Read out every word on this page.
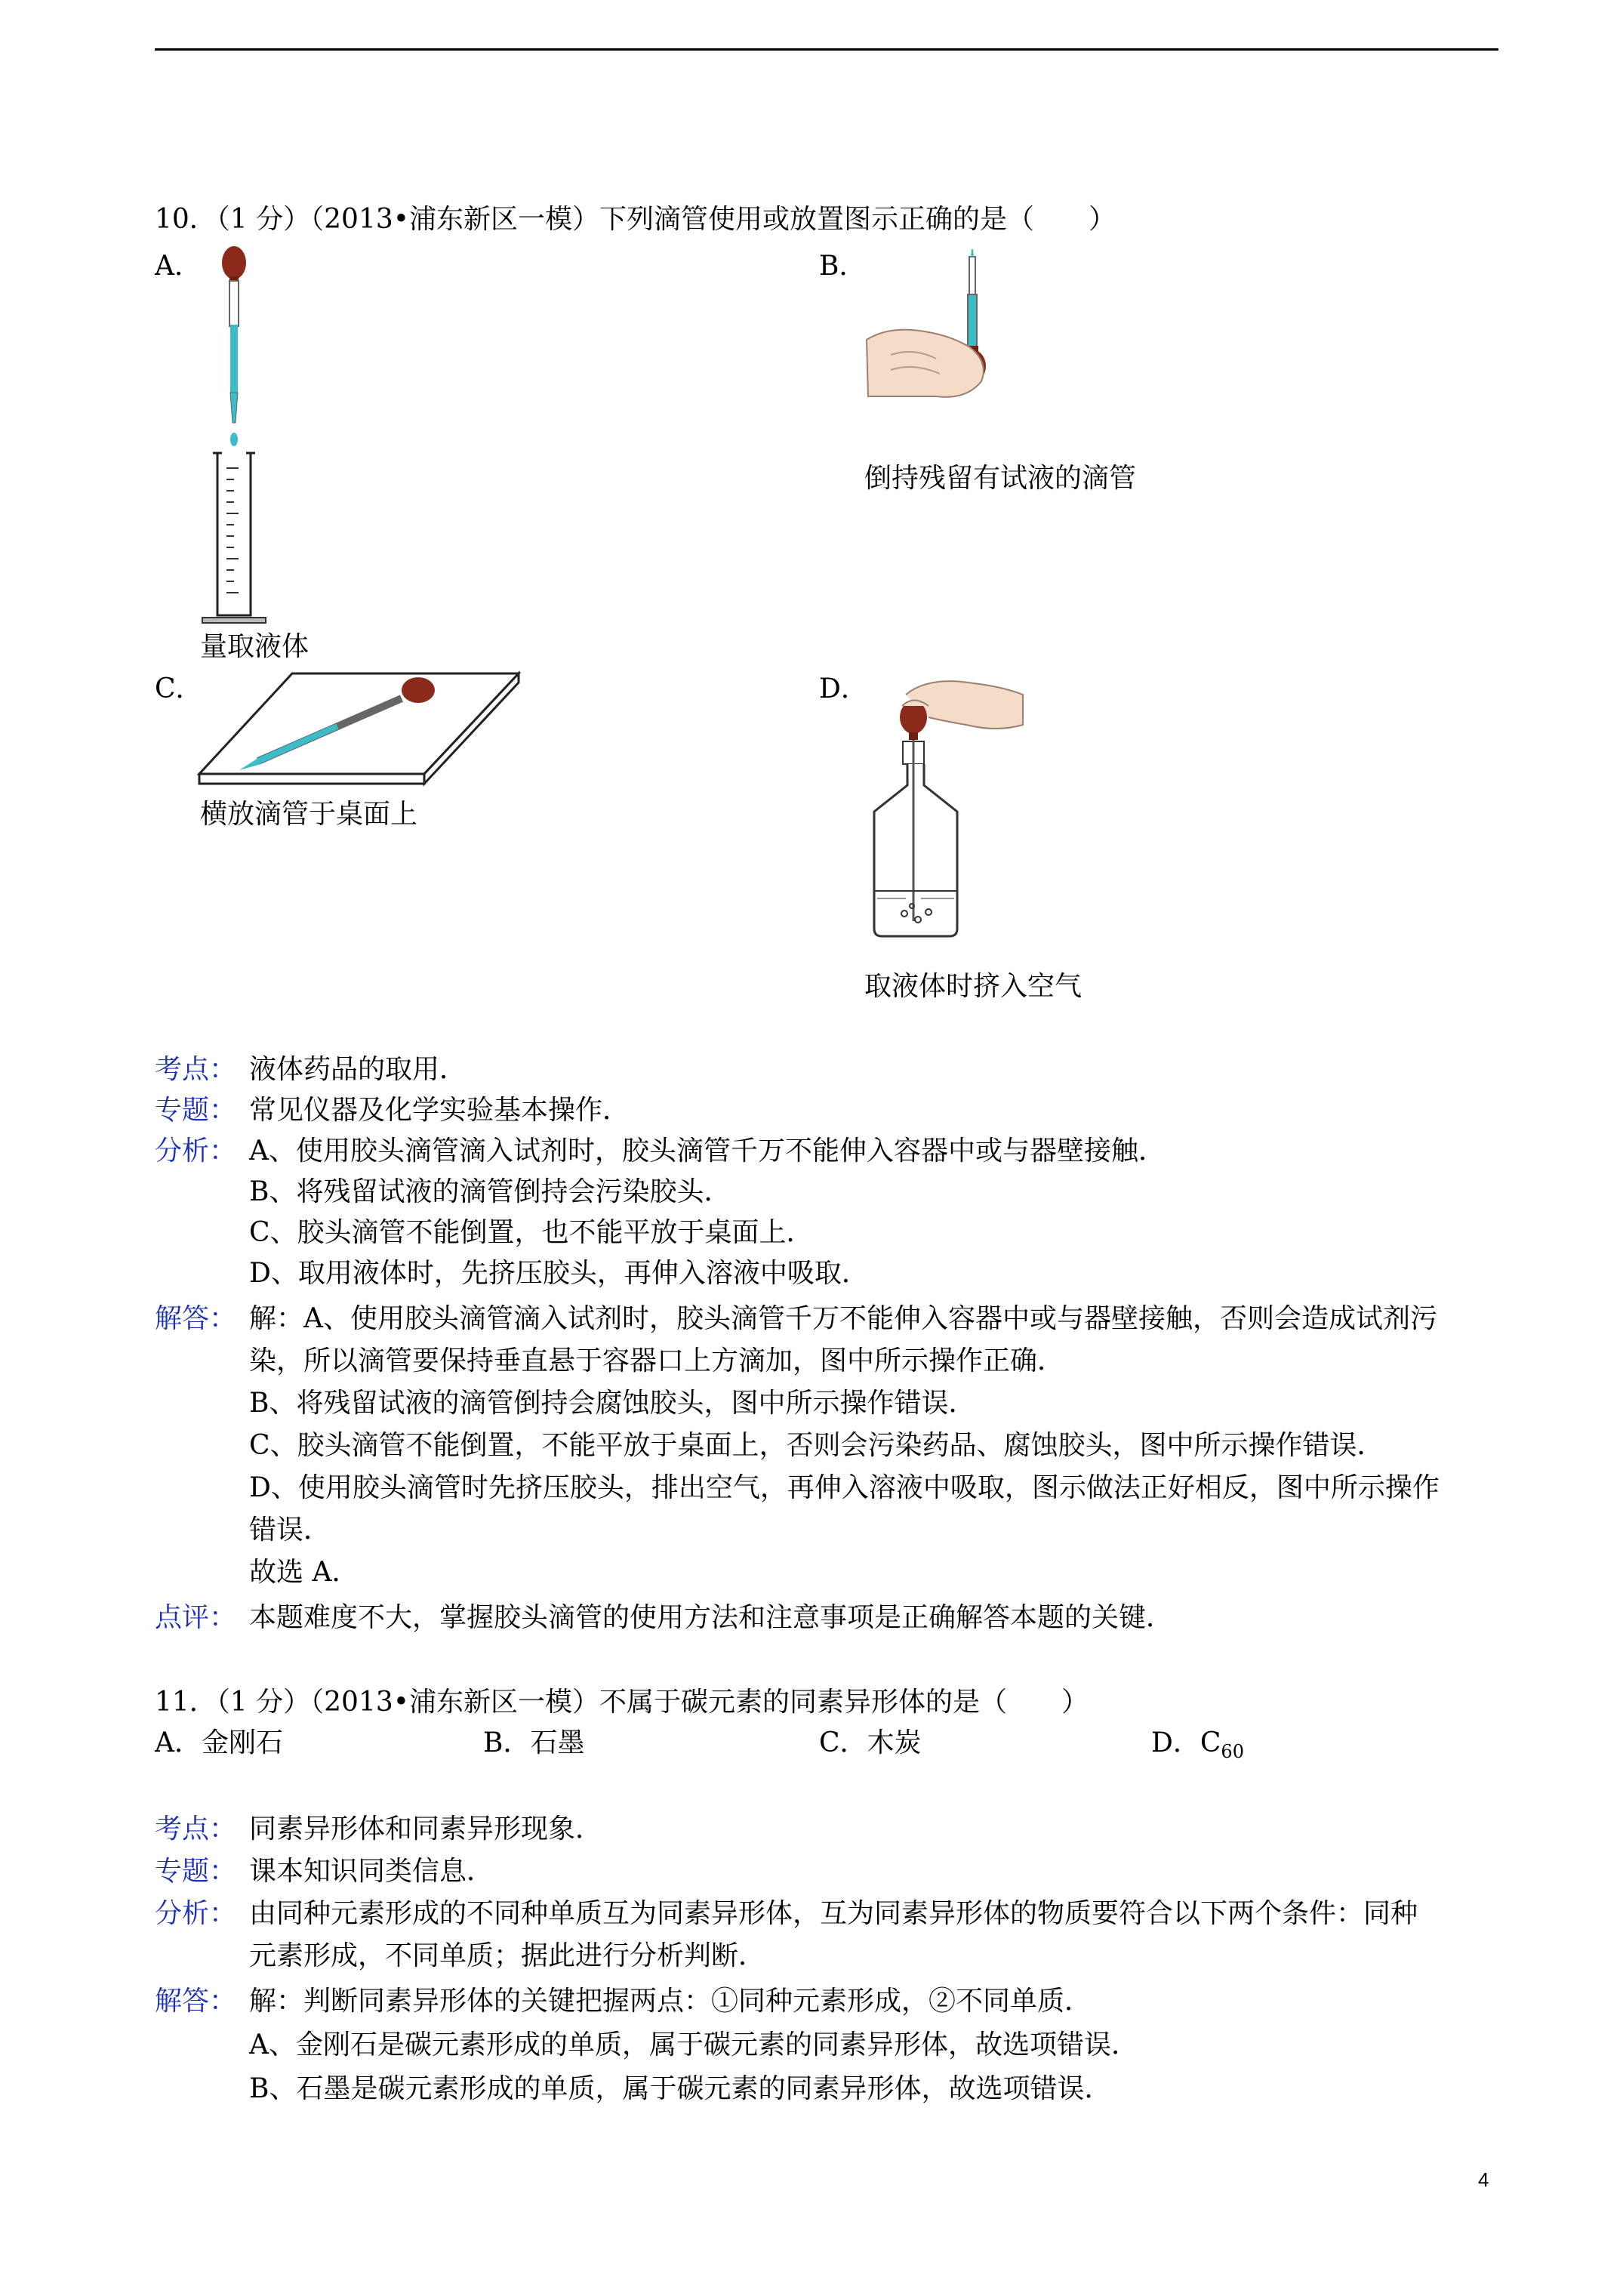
10．（1 分）（2013•浦东新区一模）下列滴管使用或放置图示正确的是（　　）
A．	B．
量取液体
倒持残留有试液的滴管
C．	D．
横放滴管于桌面上
取液体时挤入空气
考点： 液体药品的取用．
专题： 常见仪器及化学实验基本操作．
分析： A、使用胶头滴管滴入试剂时，胶头滴管千万不能伸入容器中或与器壁接触．
B、将残留试液的滴管倒持会污染胶头．
C、胶头滴管不能倒置，也不能平放于桌面上．
D、取用液体时，先挤压胶头，再伸入溶液中吸取．
解答： 解：A、使用胶头滴管滴入试剂时，胶头滴管千万不能伸入容器中或与器壁接触，否则会造成试剂污
染，所以滴管要保持垂直悬于容器口上方滴加，图中所示操作正确．
B、将残留试液的滴管倒持会腐蚀胶头，图中所示操作错误．
C、胶头滴管不能倒置，不能平放于桌面上，否则会污染药品、腐蚀胶头，图中所示操作错误．
D、使用胶头滴管时先挤压胶头，排出空气，再伸入溶液中吸取，图示做法正好相反，图中所示操作
错误．
故选 A．
点评： 本题难度不大，掌握胶头滴管的使用方法和注意事项是正确解答本题的关键．
11．（1 分）（2013•浦东新区一模）不属于碳元素的同素异形体的是（　　）
A．金刚石	B．石墨	C．木炭	D．$C_{60}$
考点： 同素异形体和同素异形现象．
专题： 课本知识同类信息．
分析： 由同种元素形成的不同种单质互为同素异形体，互为同素异形体的物质要符合以下两个条件：同种
元素形成，不同单质；据此进行分析判断．
解答： 解：判断同素异形体的关键把握两点：①同种元素形成，②不同单质．
A、金刚石是碳元素形成的单质，属于碳元素的同素异形体，故选项错误．
B、石墨是碳元素形成的单质，属于碳元素的同素异形体，故选项错误．
4
